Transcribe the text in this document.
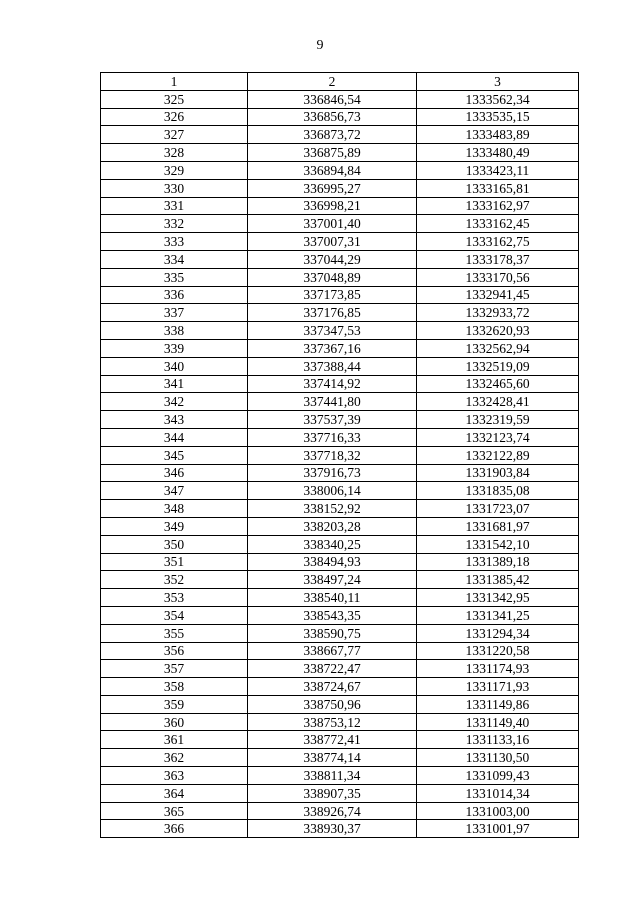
9
1	2	3
325	336846,54	1333562,34
326	336856,73	1333535,15
327	336873,72	1333483,89
328	336875,89	1333480,49
329	336894,84	1333423,11
330	336995,27	1333165,81
331	336998,21	1333162,97
332	337001,40	1333162,45
333	337007,31	1333162,75
334	337044,29	1333178,37
335	337048,89	1333170,56
336	337173,85	1332941,45
337	337176,85	1332933,72
338	337347,53	1332620,93
339	337367,16	1332562,94
340	337388,44	1332519,09
341	337414,92	1332465,60
342	337441,80	1332428,41
343	337537,39	1332319,59
344	337716,33	1332123,74
345	337718,32	1332122,89
346	337916,73	1331903,84
347	338006,14	1331835,08
348	338152,92	1331723,07
349	338203,28	1331681,97
350	338340,25	1331542,10
351	338494,93	1331389,18
352	338497,24	1331385,42
353	338540,11	1331342,95
354	338543,35	1331341,25
355	338590,75	1331294,34
356	338667,77	1331220,58
357	338722,47	1331174,93
358	338724,67	1331171,93
359	338750,96	1331149,86
360	338753,12	1331149,40
361	338772,41	1331133,16
362	338774,14	1331130,50
363	338811,34	1331099,43
364	338907,35	1331014,34
365	338926,74	1331003,00
366	338930,37	1331001,97
